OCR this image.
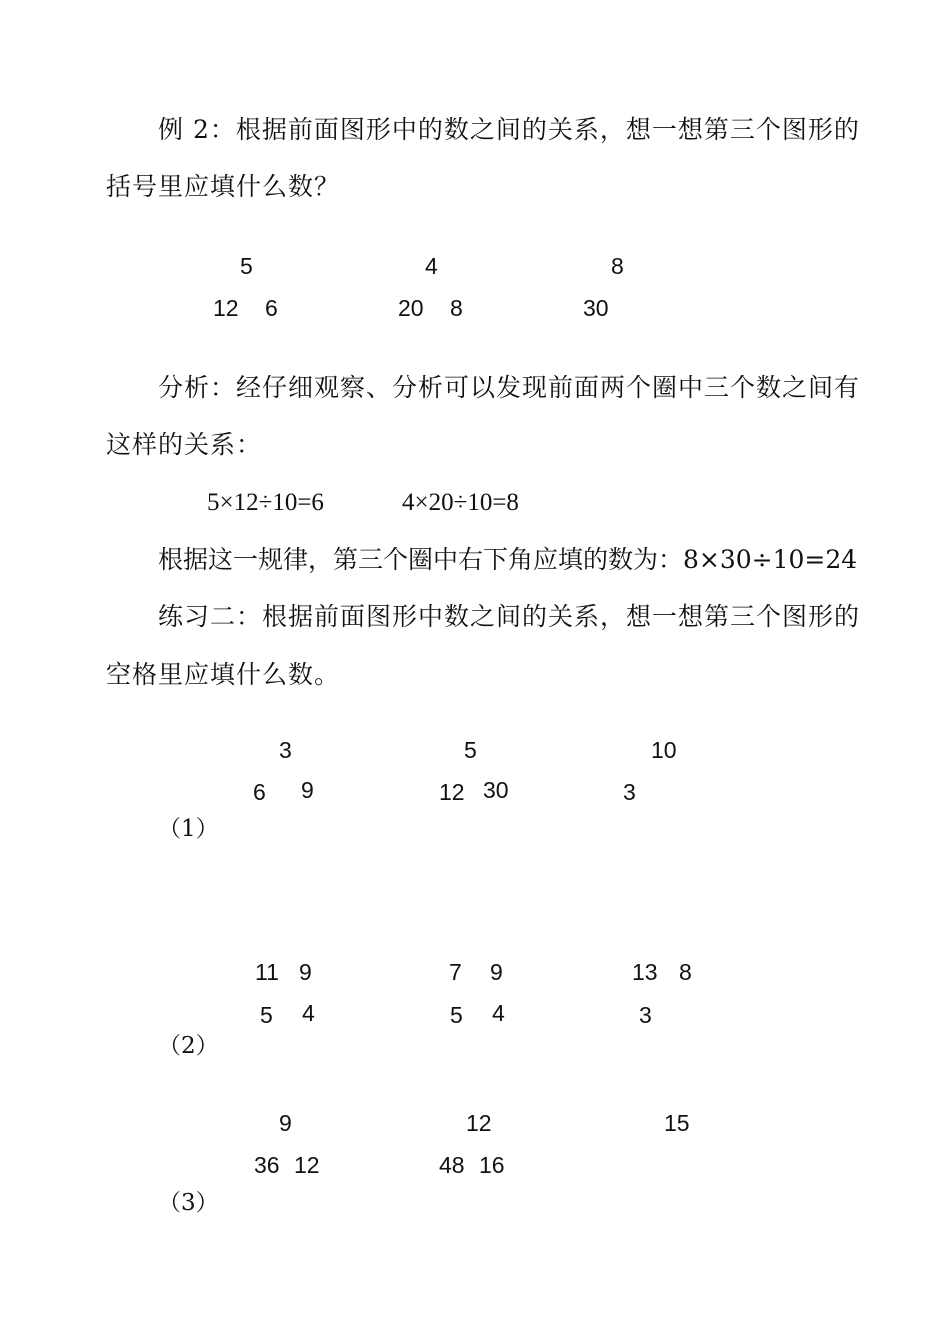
例 2：根据前面图形中的数之间的关系，想一想第三个图形的
括号里应填什么数？
5
12 6
4
20 8
8
30
分析：经仔细观察、分析可以发现前面两个圈中三个数之间有
这样的关系：
5×12÷10=6	4×20÷10=8
根据这一规律，第三个圈中右下角应填的数为：8×30÷10=24
练习二：根据前面图形中数之间的关系，想一想第三个图形的
空格里应填什么数。
3
6 9
5
12 30
10
3
（1）
11 9
5 4
7 9
5 4
13 8
3
（2）
9
36 12
12
48 16
15
（3）
